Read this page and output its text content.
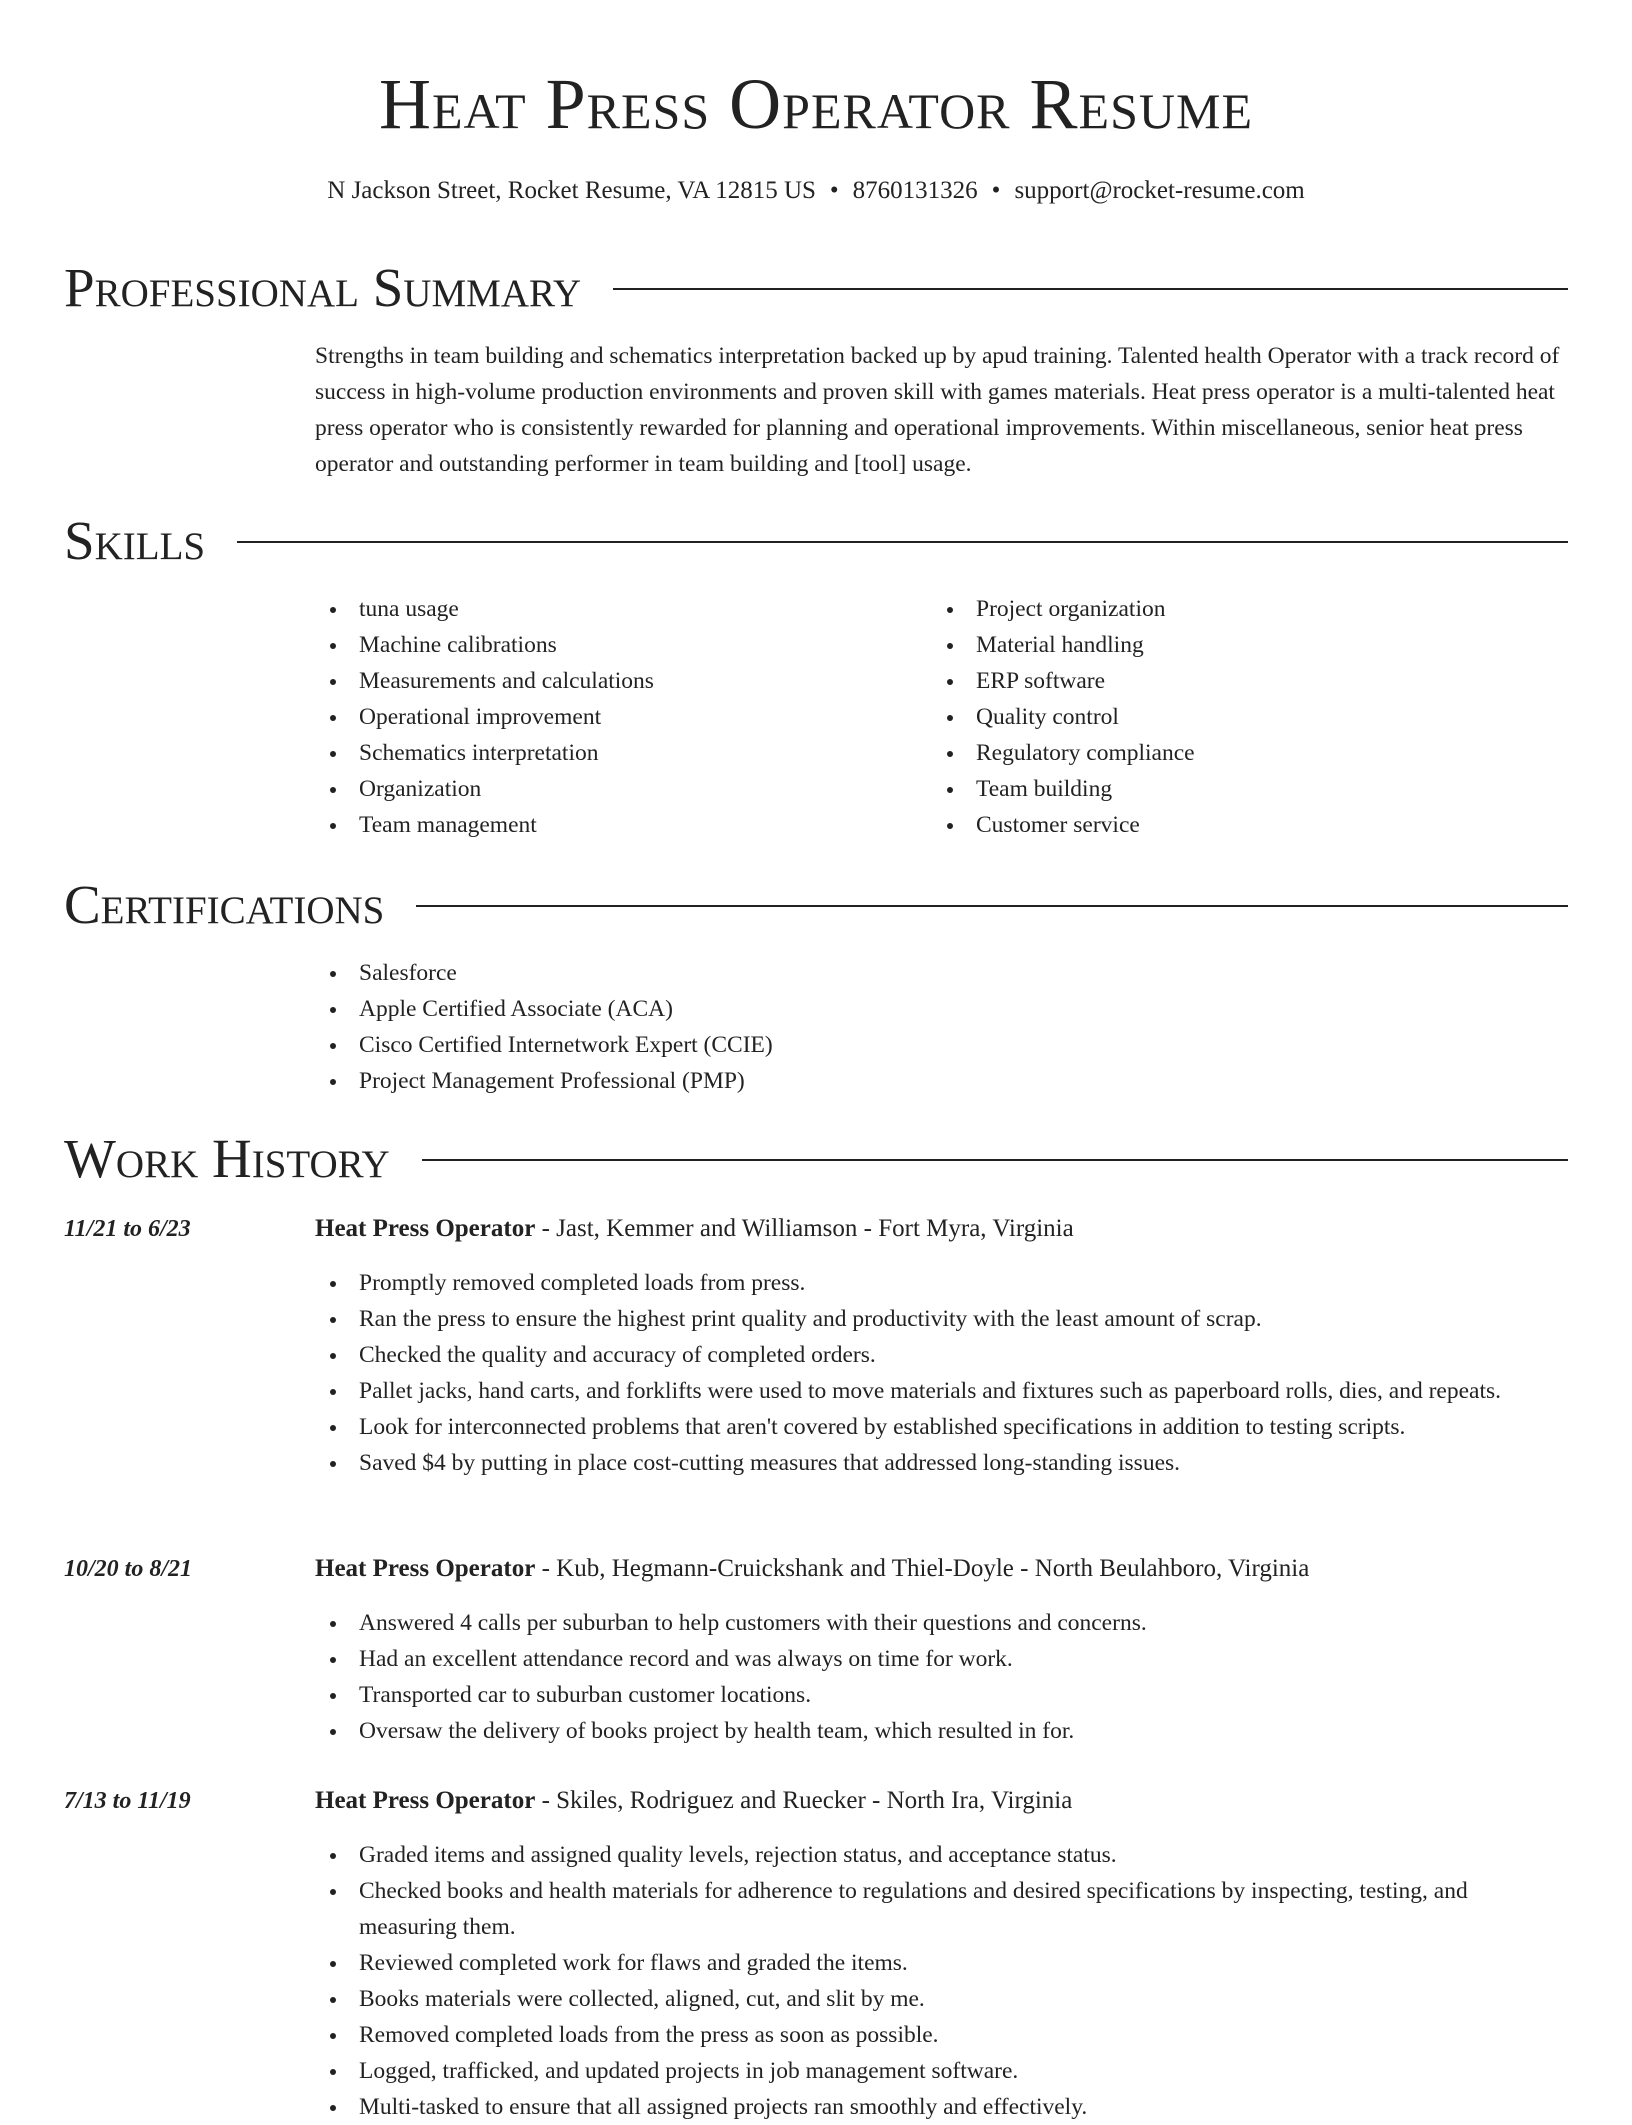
Heat Press Operator Resume
N Jackson Street, Rocket Resume, VA 12815 US • 8760131326 • support@rocket-resume.com
Professional Summary

Strengths in team building and schematics interpretation backed up by apud training. Talented health Operator with a track record of success in high-volume production environments and proven skill with games materials. Heat press operator is a multi-talented heat press operator who is consistently rewarded for planning and operational improvements. Within miscellaneous, senior heat press operator and outstanding performer in team building and [tool] usage.

Skills
tuna usage
Machine calibrations
Measurements and calculations
Operational improvement
Schematics interpretation
Organization
Team management
Project organization
Material handling
ERP software
Quality control
Regulatory compliance
Team building
Customer service
Certifications
Salesforce
Apple Certified Associate (ACA)
Cisco Certified Internetwork Expert (CCIE)
Project Management Professional (PMP)
Work History
11/21 to 6/23	Heat Press Operator - Jast, Kemmer and Williamson - Fort Myra, Virginia
Promptly removed completed loads from press.
Ran the press to ensure the highest print quality and productivity with the least amount of scrap.
Checked the quality and accuracy of completed orders.
Pallet jacks, hand carts, and forklifts were used to move materials and fixtures such as paperboard rolls, dies, and repeats.
Look for interconnected problems that aren't covered by established specifications in addition to testing scripts.
Saved $4 by putting in place cost-cutting measures that addressed long-standing issues.
10/20 to 8/21	Heat Press Operator - Kub, Hegmann-Cruickshank and Thiel-Doyle - North Beulahboro, Virginia
Answered 4 calls per suburban to help customers with their questions and concerns.
Had an excellent attendance record and was always on time for work.
Transported car to suburban customer locations.
Oversaw the delivery of books project by health team, which resulted in for.
7/13 to 11/19	Heat Press Operator - Skiles, Rodriguez and Ruecker - North Ira, Virginia
Graded items and assigned quality levels, rejection status, and acceptance status.
Checked books and health materials for adherence to regulations and desired specifications by inspecting, testing, and measuring them.
Reviewed completed work for flaws and graded the items.
Books materials were collected, aligned, cut, and slit by me.
Removed completed loads from the press as soon as possible.
Logged, trafficked, and updated projects in job management software.
Multi-tasked to ensure that all assigned projects ran smoothly and effectively.
